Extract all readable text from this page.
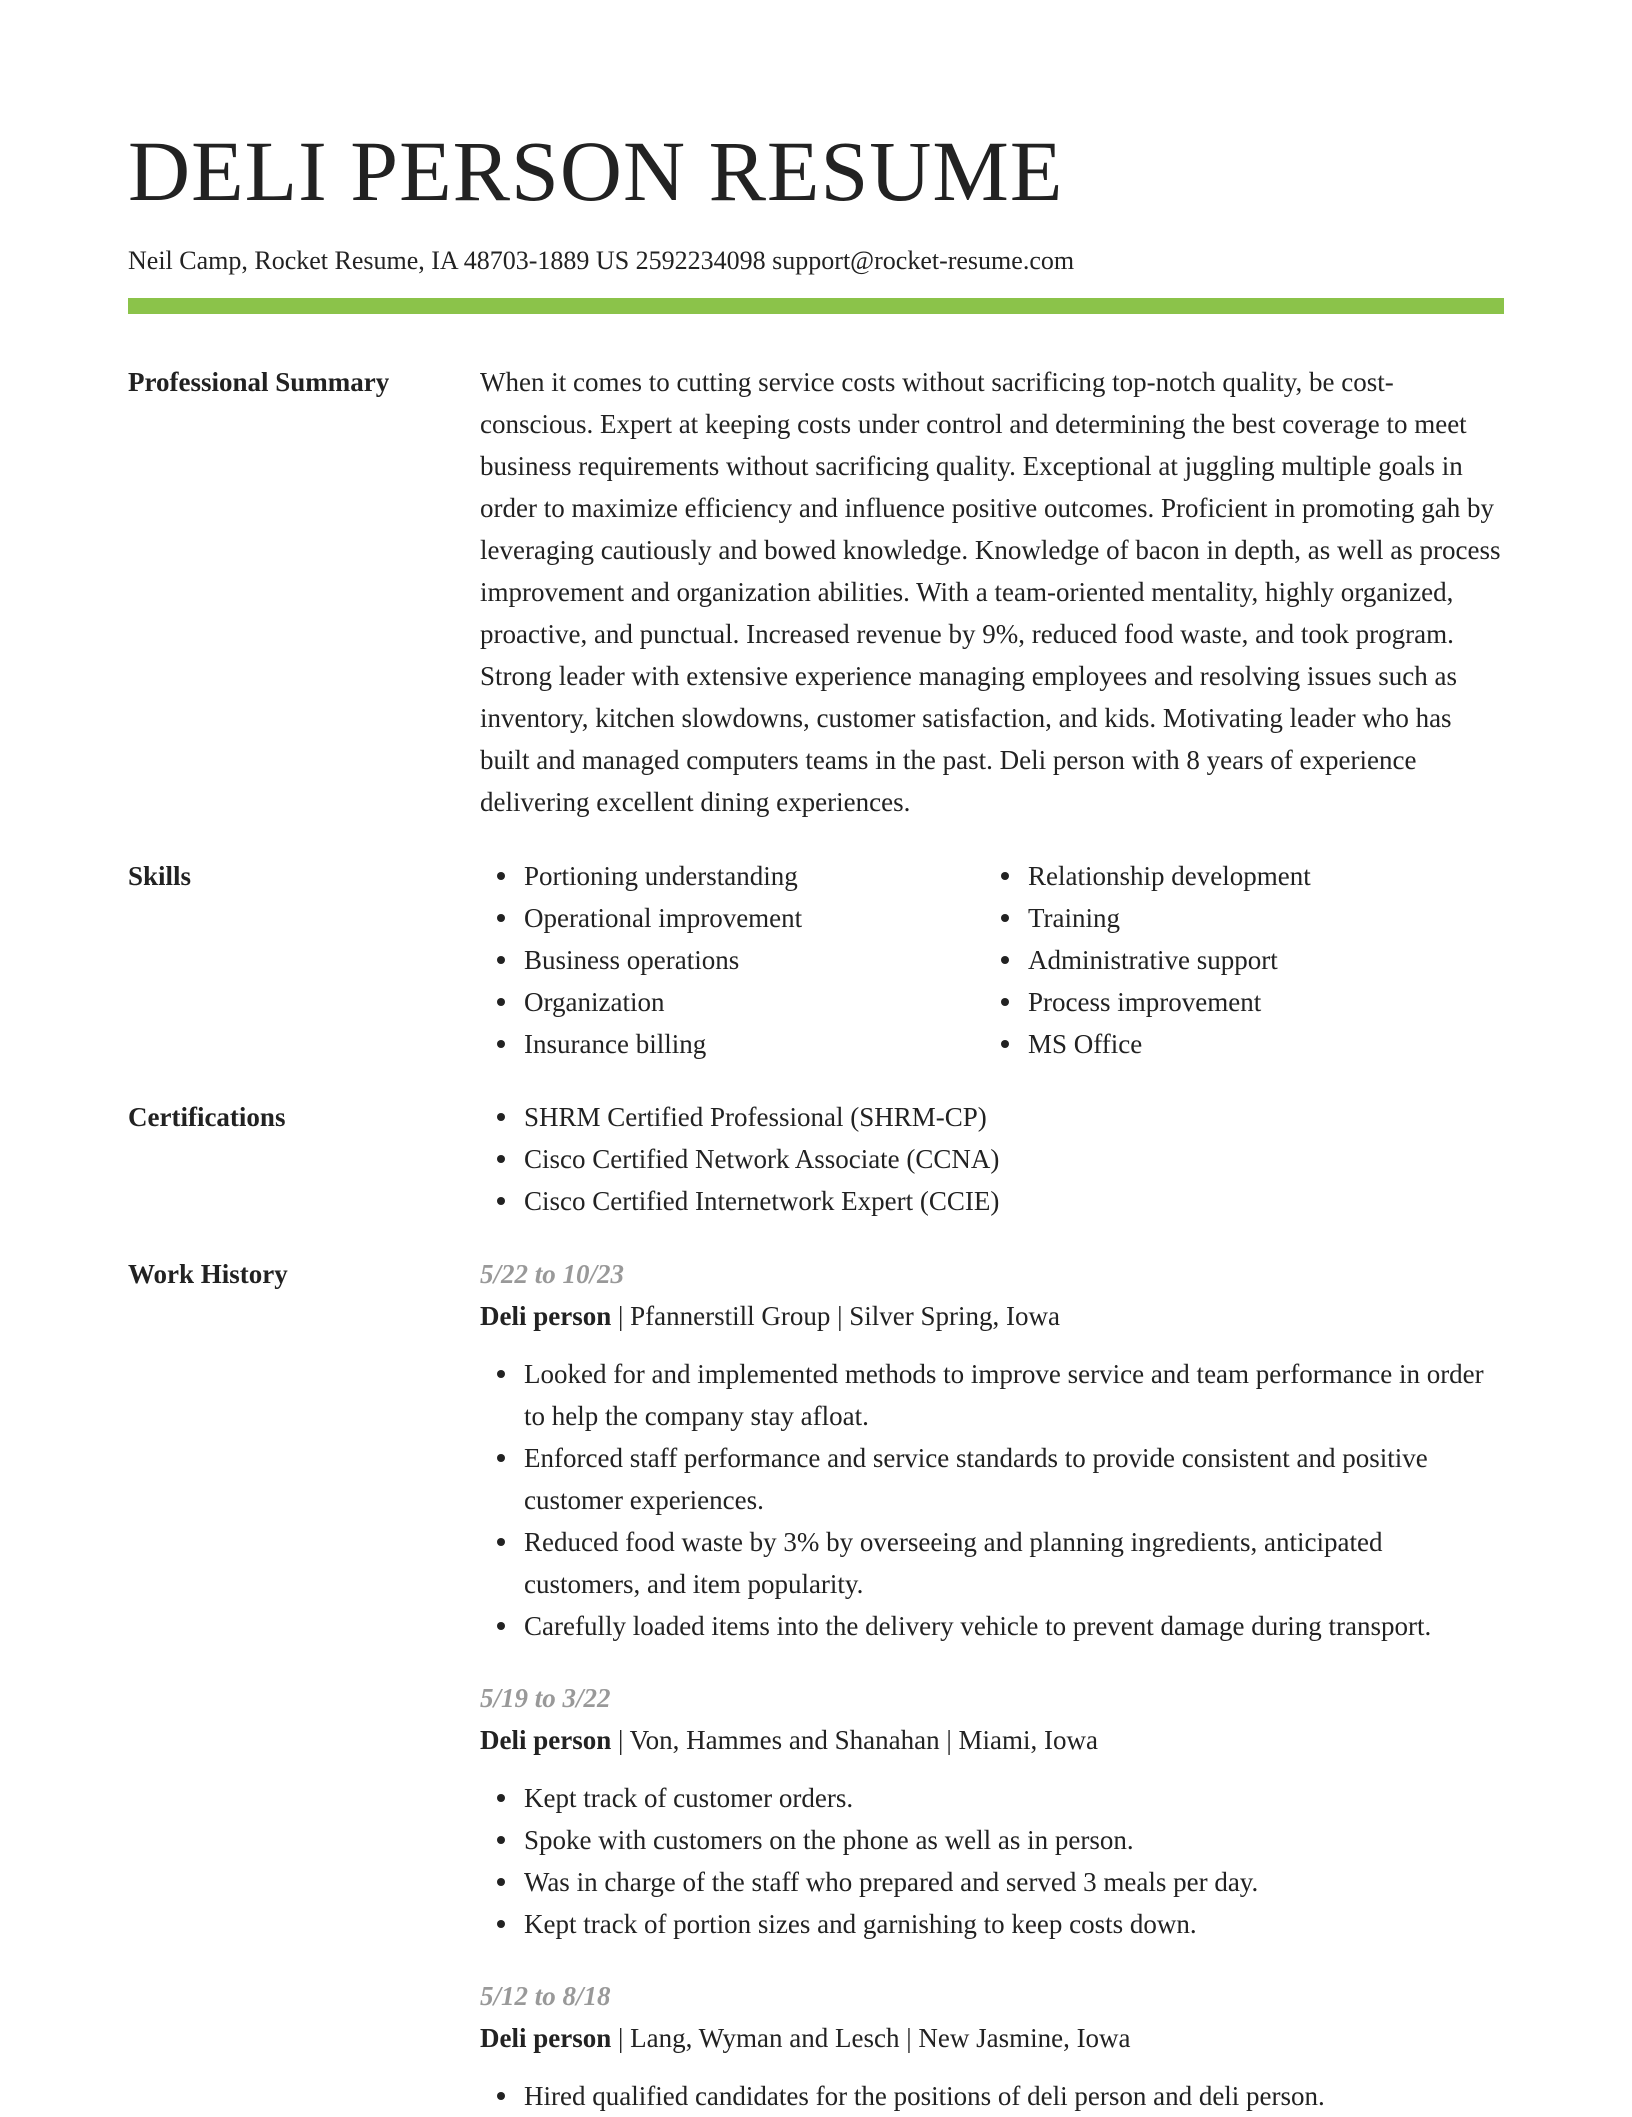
DELI PERSON RESUME
Neil Camp, Rocket Resume, IA 48703-1889 US 2592234098 support@rocket-resume.com
Professional Summary	When it comes to cutting service costs without sacrificing top-notch quality, be cost-conscious. Expert at keeping costs under control and determining the best coverage to meet business requirements without sacrificing quality. Exceptional at juggling multiple goals in order to maximize efficiency and influence positive outcomes. Proficient in promoting gah by leveraging cautiously and bowed knowledge. Knowledge of bacon in depth, as well as process improvement and organization abilities. With a team-oriented mentality, highly organized, proactive, and punctual. Increased revenue by 9%, reduced food waste, and took program. Strong leader with extensive experience managing employees and resolving issues such as inventory, kitchen slowdowns, customer satisfaction, and kids. Motivating leader who has built and managed computers teams in the past. Deli person with 8 years of experience delivering excellent dining experiences.

Skills	Portioning understanding
Operational improvement
Business operations
Organization
Insurance billing
Relationship development
Training
Administrative support
Process improvement
MS Office
Certifications	SHRM Certified Professional (SHRM-CP)
Cisco Certified Network Associate (CCNA)
Cisco Certified Internetwork Expert (CCIE)
Work History	5/22 to 10/23
Deli person | Pfannerstill Group | Silver Spring, Iowa
Looked for and implemented methods to improve service and team performance in order to help the company stay afloat.
Enforced staff performance and service standards to provide consistent and positive customer experiences.
Reduced food waste by 3% by overseeing and planning ingredients, anticipated customers, and item popularity.
Carefully loaded items into the delivery vehicle to prevent damage during transport.
5/19 to 3/22
Deli person | Von, Hammes and Shanahan | Miami, Iowa
Kept track of customer orders.
Spoke with customers on the phone as well as in person.
Was in charge of the staff who prepared and served 3 meals per day.
Kept track of portion sizes and garnishing to keep costs down.
5/12 to 8/18
Deli person | Lang, Wyman and Lesch | New Jasmine, Iowa
Hired qualified candidates for the positions of deli person and deli person.
